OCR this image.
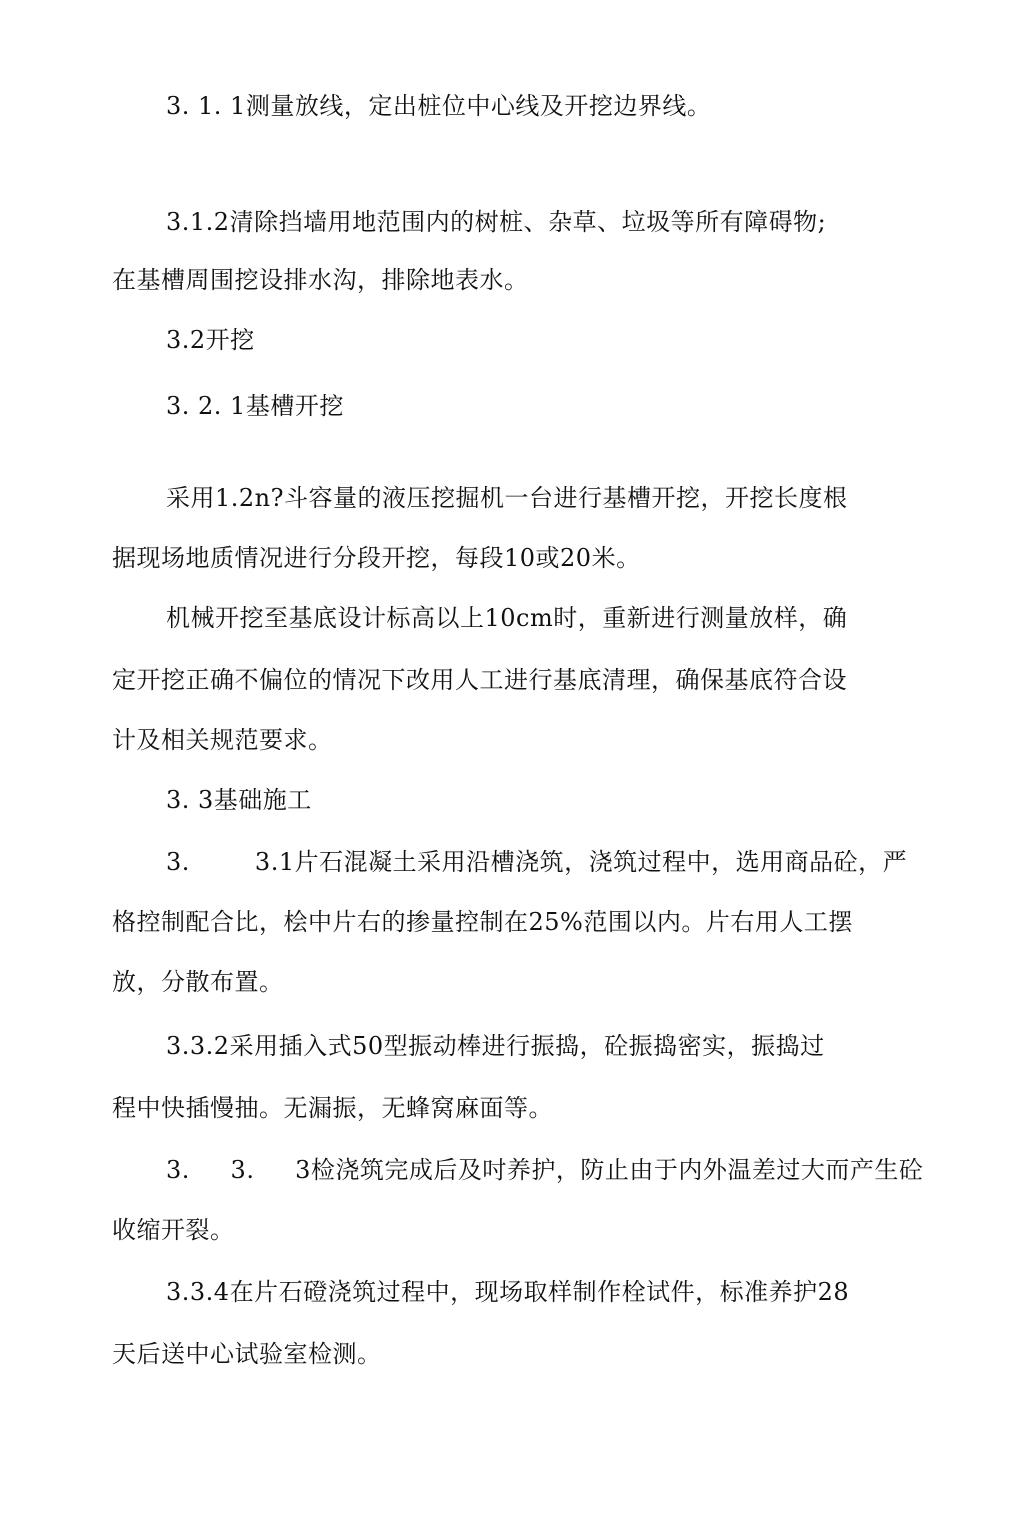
3. 1. 1测量放线，定出桩位中心线及开挖边界线。
3.1.2清除挡墙用地范围内的树桩、杂草、垃圾等所有障碍物;
在基槽周围挖设排水沟，排除地表水。
3.2开挖
3. 2. 1基槽开挖
采用1.2n?斗容量的液压挖掘机一台进行基槽开挖，开挖长度根
据现场地质情况进行分段开挖，每段10或20米。
机械开挖至基底设计标高以上10cm时，重新进行测量放样，确
定开挖正确不偏位的情况下改用人工进行基底清理，确保基底符合设
计及相关规范要求。
3. 3基础施工
3.        3.1片石混凝土采用沿槽浇筑，浇筑过程中，选用商品砼，严
格控制配合比，桧中片右的掺量控制在25%范围以内。片右用人工摆
放，分散布置。
3.3.2采用插入式50型振动棒进行振捣，砼振捣密实，振捣过
程中快插慢抽。无漏振，无蜂窝麻面等。
3.     3.     3检浇筑完成后及吋养护，防止由于内外温差过大而产生砼
收缩开裂。
3.3.4在片石磴浇筑过程中，现场取样制作栓试件，标准养护28
天后送中心试验室检测。
